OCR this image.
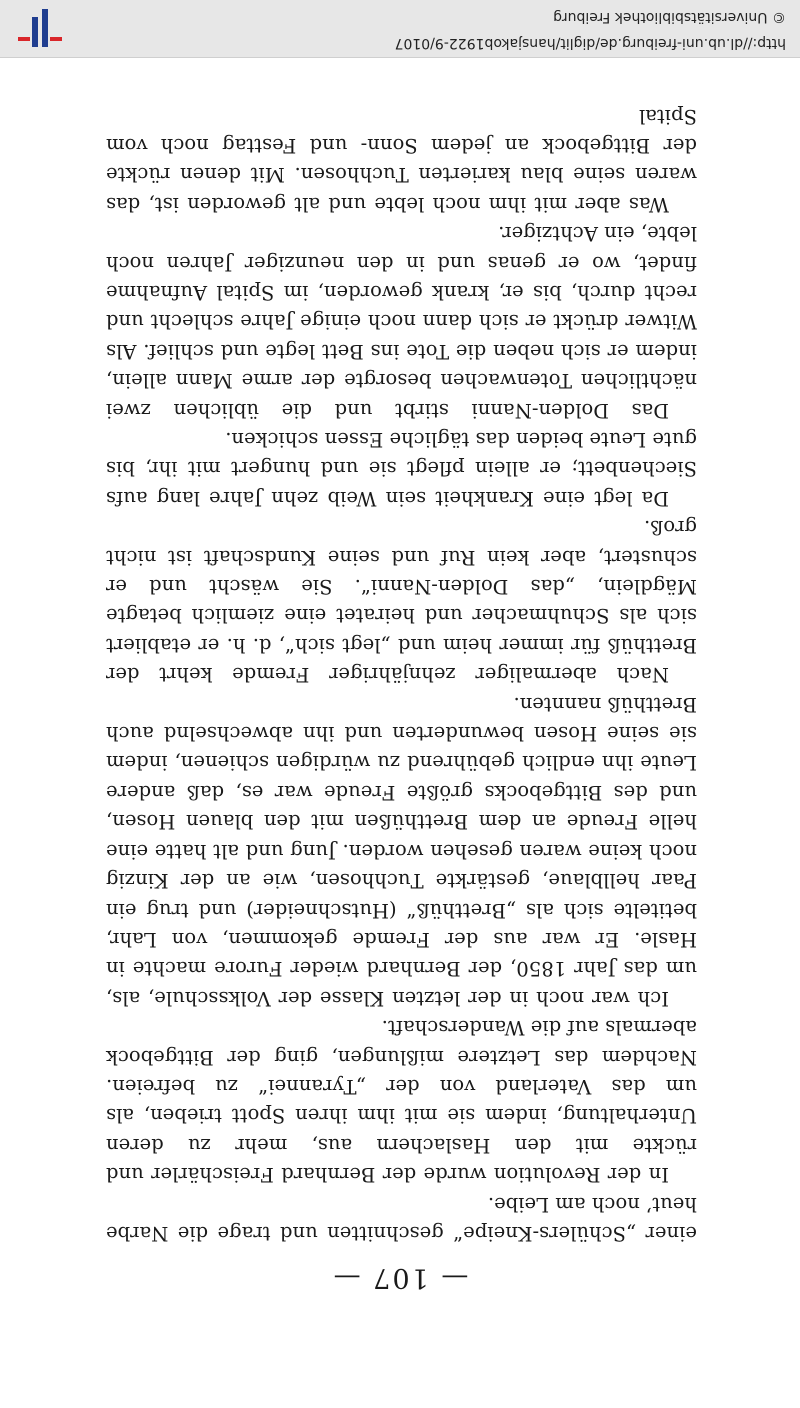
— 107 —

einer „Schülers-Kneipe“ geschnitten und trage die Narbe heut’ noch am Leibe.

In der Revolution wurde der Bernhard Freischärler und rückte mit den Haslachern aus, mehr zu deren Unterhaltung, indem sie mit ihm ihren Spott trieben, als um das Vaterland von der „Tyrannei“ zu befreien. Nachdem das Letztere mißlungen, ging der Bittgebock abermals auf die Wanderschaft.

Ich war noch in der letzten Klasse der Volksschule, als, um das Jahr 1850, der Bernhard wieder Furore machte in Hasle. Er war aus der Fremde gekommen, von Lahr, betitelte sich als „Bretthüß“ (Hutschneider) und trug ein Paar hellblaue, gestärkte Tuchhosen, wie an der Kinzig noch keine waren gesehen worden. Jung und alt hatte eine helle Freude an dem Bretthüßen mit den blauen Hosen, und des Bittgebocks größte Freude war es, daß andere Leute ihn endlich gebührend zu würdigen schienen, indem sie seine Hosen bewunderten und ihn abwechselnd auch Bretthüß nannten.

Nach abermaliger zehnjähriger Fremde kehrt der Bretthüß für immer heim und „legt sich“, d. h. er etabliert sich als Schuhmacher und heiratet eine ziemlich betagte Mägdlein, „das Dolden-Nanni“. Sie wäscht und er schustert, aber kein Ruf und seine Kundschaft ist nicht groß.

Da legt eine Krankheit sein Weib zehn Jahre lang aufs Siechenbett; er allein pflegt sie und hungert mit ihr, bis gute Leute beiden das tägliche Essen schicken.

Das Dolden-Nanni stirbt und die üblichen zwei nächtlichen Totenwachen besorgte der arme Mann allein, indem er sich neben die Tote ins Bett legte und schlief. Als Witwer drückt er sich dann noch einige Jahre schlecht und recht durch, bis er, krank geworden, im Spital Aufnahme findet, wo er genas und in den neunziger Jahren noch lebte, ein Achtziger.

Was aber mit ihm noch lebte und alt geworden ist, das waren seine blau karierten Tuchhosen. Mit denen rückte der Bittgebock an jedem Sonn- und Festtag noch vom Spital

http://dl.ub.uni-freiburg.de/diglit/hansjakob1922-9/0107
© Universitätsbibliothek Freiburg
